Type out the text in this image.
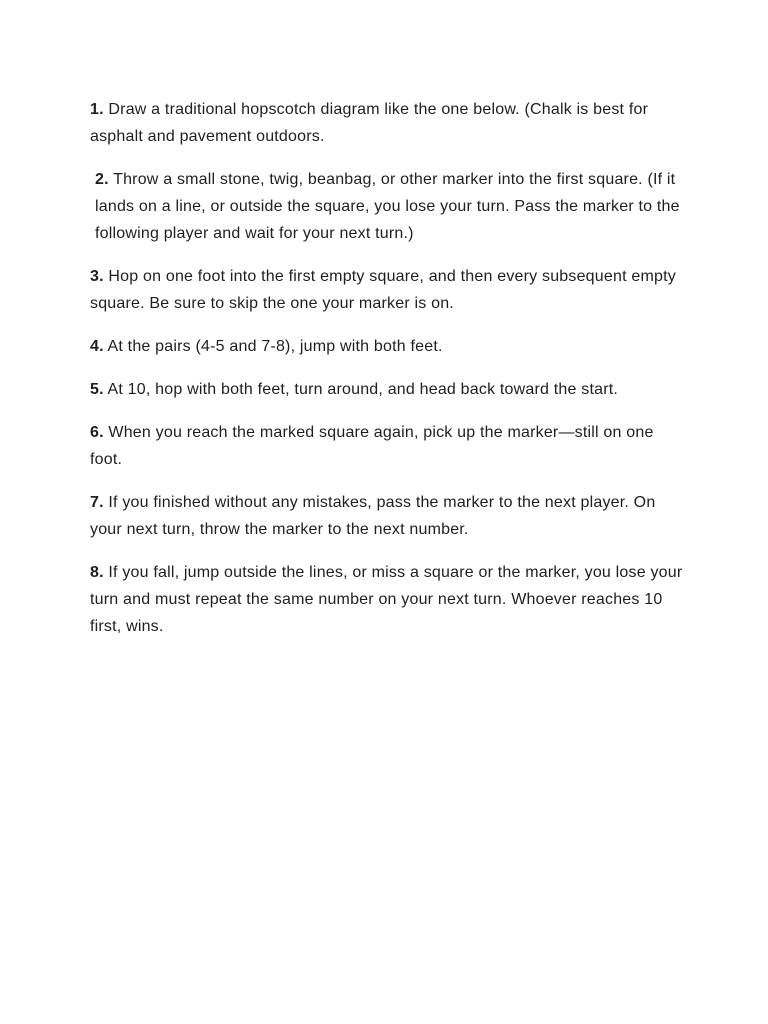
1. Draw a traditional hopscotch diagram like the one below. (Chalk is best for asphalt and pavement outdoors.

2. Throw a small stone, twig, beanbag, or other marker into the first square. (If it lands on a line, or outside the square, you lose your turn. Pass the marker to the following player and wait for your next turn.)

3. Hop on one foot into the first empty square, and then every subsequent empty square. Be sure to skip the one your marker is on.

4. At the pairs (4-5 and 7-8), jump with both feet.

5. At 10, hop with both feet, turn around, and head back toward the start.

6. When you reach the marked square again, pick up the marker—still on one foot.

7. If you finished without any mistakes, pass the marker to the next player. On your next turn, throw the marker to the next number.

8. If you fall, jump outside the lines, or miss a square or the marker, you lose your turn and must repeat the same number on your next turn. Whoever reaches 10 first, wins.
